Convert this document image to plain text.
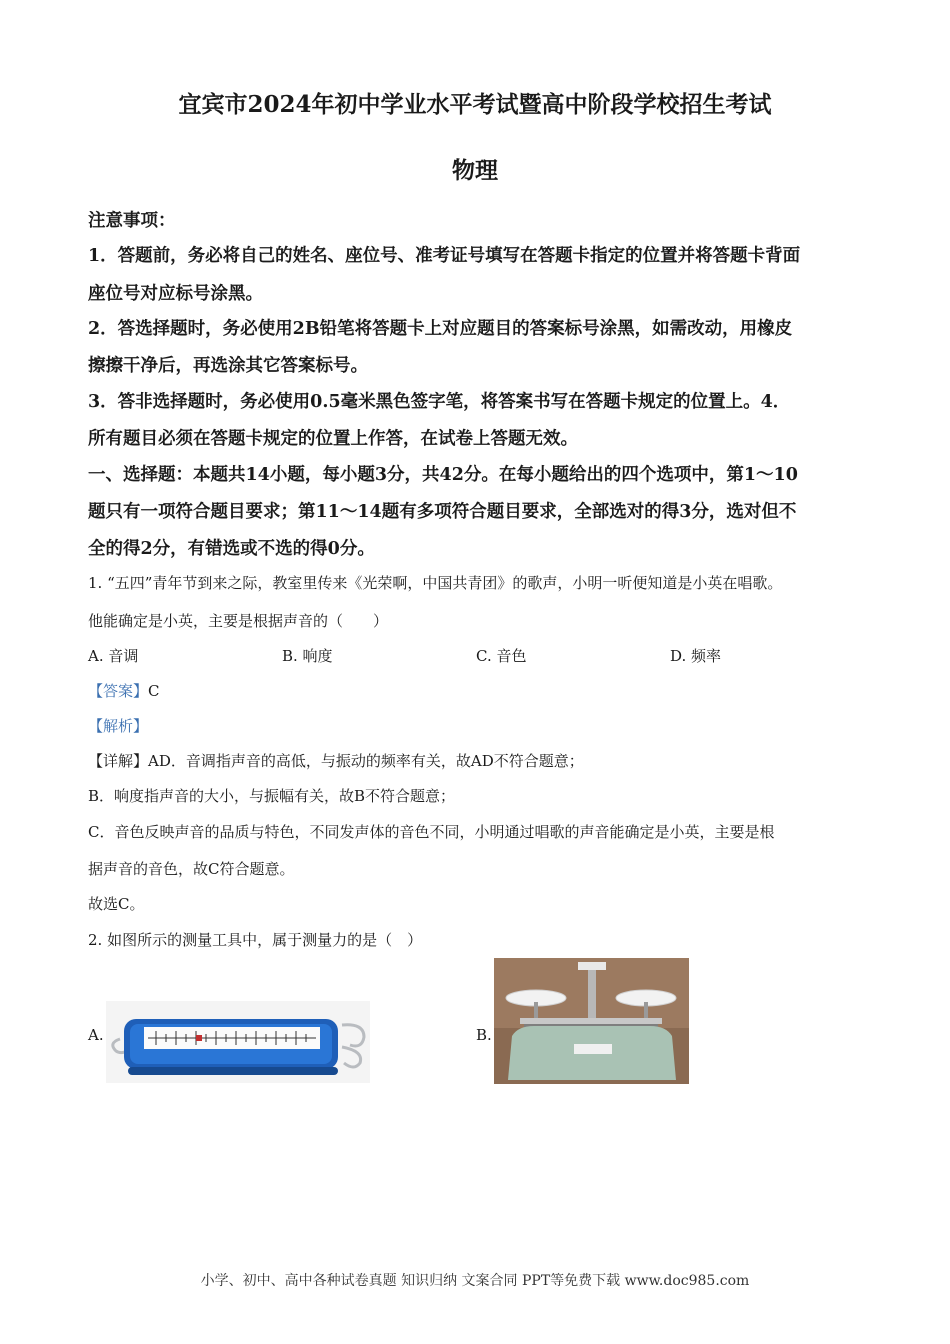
宜宾市2024年初中学业水平考试暨高中阶段学校招生考试
物理
注意事项：
1．答题前，务必将自己的姓名、座位号、准考证号填写在答题卡指定的位置并将答题卡背面
座位号对应标号涂黑。
2．答选择题时，务必使用2B铅笔将答题卡上对应题目的答案标号涂黑，如需改动，用橡皮
擦擦干净后，再选涂其它答案标号。
3．答非选择题时，务必使用0.5毫米黑色签字笔，将答案书写在答题卡规定的位置上。4．
所有题目必须在答题卡规定的位置上作答，在试卷上答题无效。
一、选择题：本题共14小题，每小题3分，共42分。在每小题给出的四个选项中，第1～10
题只有一项符合题目要求；第11～14题有多项符合题目要求，全部选对的得3分，选对但不
全的得2分，有错选或不选的得0分。
1. “五四”青年节到来之际，教室里传来《光荣啊，中国共青团》的歌声，小明一听便知道是小英在唱歌。
他能确定是小英，主要是根据声音的（　　）
A. 音调	B. 响度	C. 音色	D. 频率
【答案】C
【解析】
【详解】AD．音调指声音的高低，与振动的频率有关，故AD不符合题意；
B．响度指声音的大小，与振幅有关，故B不符合题意；
C．音色反映声音的品质与特色，不同发声体的音色不同，小明通过唱歌的声音能确定是小英，主要是根
据声音的音色，故C符合题意。
故选C。
2. 如图所示的测量工具中，属于测量力的是（　）
A.	B.
小学、初中、高中各种试卷真题 知识归纳 文案合同 PPT等免费下载 www.doc985.com
